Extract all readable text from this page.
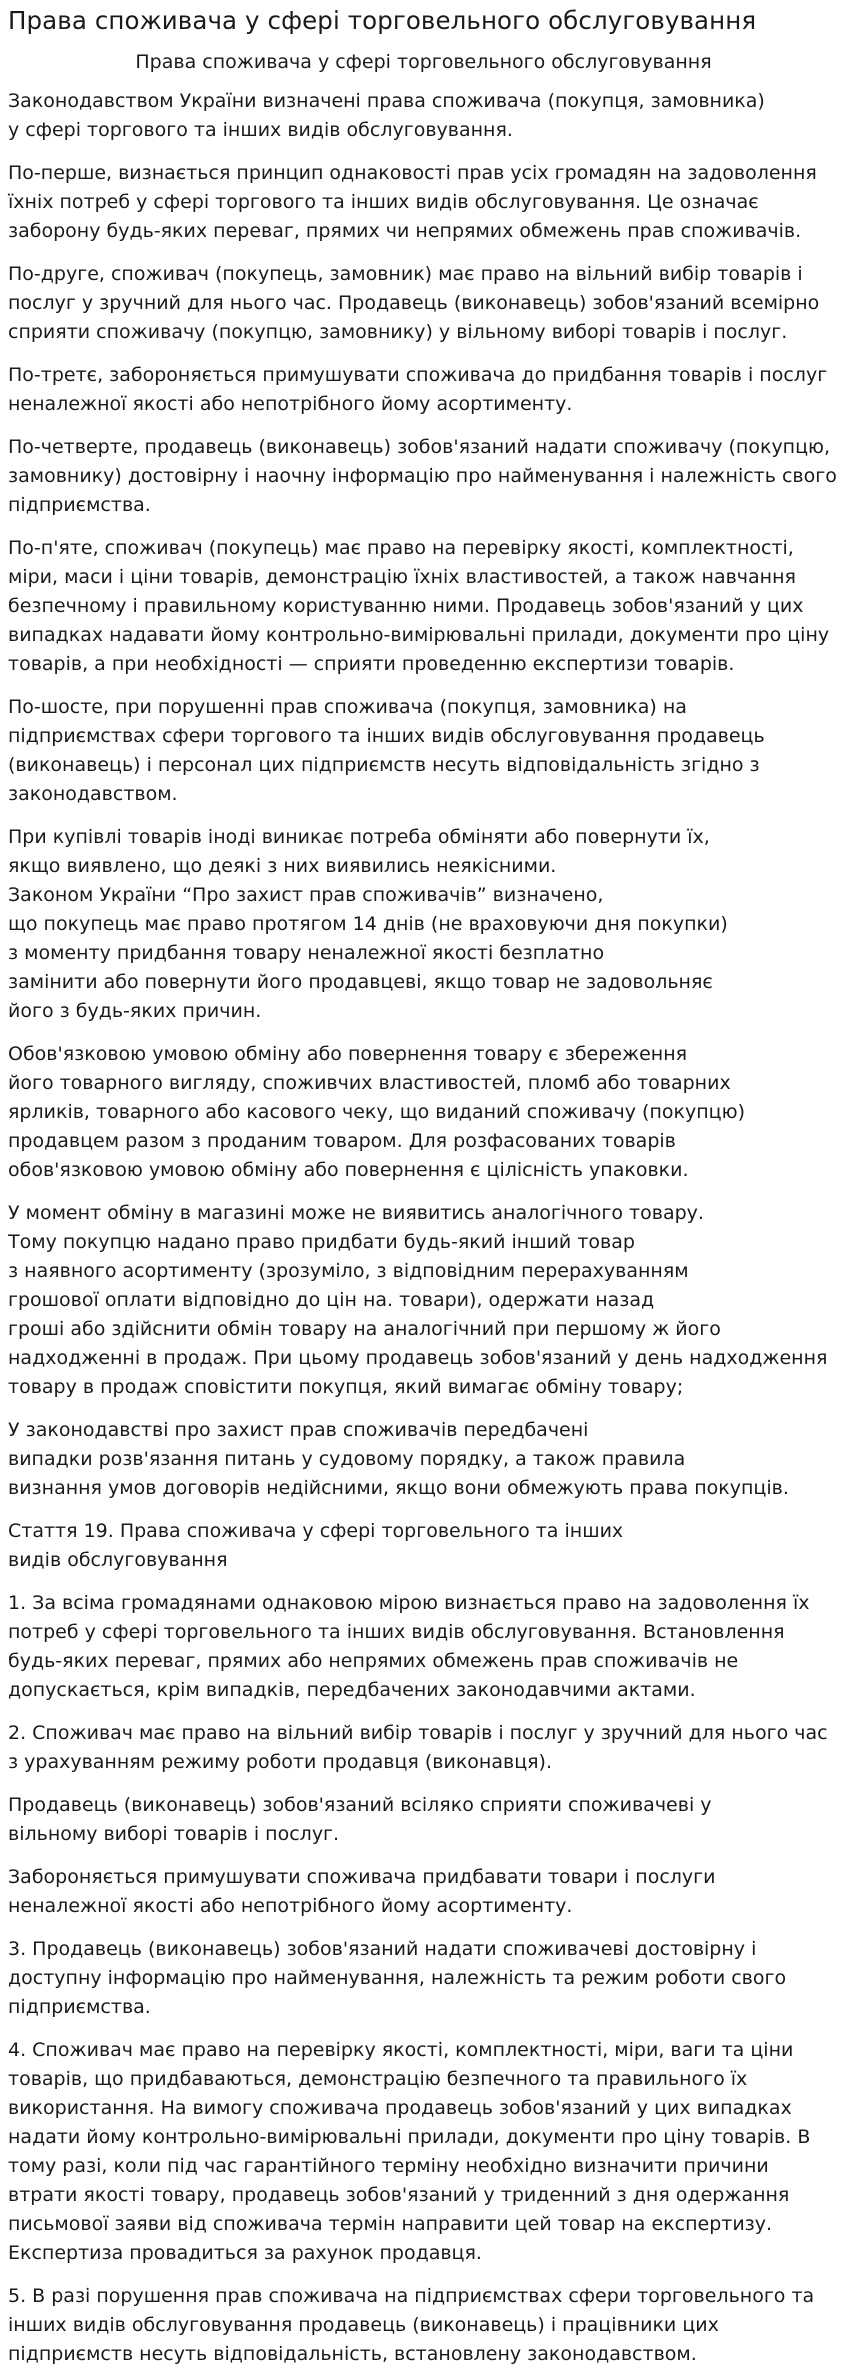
Права споживача у сфері торговельного обслуговування
Права споживача у сфері торговельного обслуговування

Законодавством України визначені права споживача (покупця, замовника)
у сфері торгового та інших видів обслуговування.

По-перше, визнається принцип однаковості прав усіх громадян на задоволення
їхніх потреб у сфері торгового та інших видів обслуговування. Це означає
заборону будь-яких переваг, прямих чи непрямих обмежень прав споживачів.

По-друге, споживач (покупець, замовник) має право на вільний вибір товарів і
послуг у зручний для нього час. Продавець (виконавець) зобов'язаний всемірно
сприяти споживачу (покупцю, замовнику) у вільному виборі товарів і послуг.

По-третє, забороняється примушувати споживача до придбання товарів і послуг
неналежної якості або непотрібного йому асортименту.

По-четверте, продавець (виконавець) зобов'язаний надати споживачу (покупцю,
замовнику) достовірну і наочну інформацію про найменування і належність свого
підприємства.

По-п'яте, споживач (покупець) має право на перевірку якості, комплектності,
міри, маси і ціни товарів, демонстрацію їхніх властивостей, а також навчання
безпечному і правильному користуванню ними. Продавець зобов'язаний у цих
випадках надавати йому контрольно-вимірювальні прилади, документи про ціну
товарів, а при необхідності — сприяти проведенню експертизи товарів.

По-шосте, при порушенні прав споживача (покупця, замовника) на
підприємствах сфери торгового та інших видів обслуговування продавець
(виконавець) і персонал цих підприємств несуть відповідальність згідно з
законодавством.

При купівлі товарів іноді виникає потреба обміняти або повернути їх,
якщо виявлено, що деякі з них виявились неякісними.
Законом України “Про захист прав споживачів” визначено,
що покупець має право протягом 14 днів (не враховуючи дня покупки)
з моменту придбання товару неналежної якості безплатно
замінити або повернути його продавцеві, якщо товар не задовольняє
його з будь-яких причин.

Обов'язковою умовою обміну або повернення товару є збереження
його товарного вигляду, споживчих властивостей, пломб або товарних
ярликів, товарного або касового чеку, що виданий споживачу (покупцю)
продавцем разом з проданим товаром. Для розфасованих товарів
обов'язковою умовою обміну або повернення є цілісність упаковки.

У момент обміну в магазині може не виявитись аналогічного товару.
Тому покупцю надано право придбати будь-який інший товар
з наявного асортименту (зрозуміло, з відповідним перерахуванням
грошової оплати відповідно до цін на. товари), одержати назад
гроші або здійснити обмін товару на аналогічний при першому ж його
надходженні в продаж. При цьому продавець зобов'язаний у день надходження
товару в продаж сповістити покупця, який вимагає обміну товару;

У законодавстві про захист прав споживачів передбачені
випадки розв'язання питань у судовому порядку, а також правила
визнання умов договорів недійсними, якщо вони обмежують права покупців.

Стаття 19. Права споживача у сфері торговельного та інших
видів обслуговування

1. За всіма громадянами однаковою мірою визнається право на задоволення їх
потреб у сфері торговельного та інших видів обслуговування. Встановлення
будь-яких переваг, прямих або непрямих обмежень прав споживачів не
допускається, крім випадків, передбачених законодавчими актами.

2. Споживач має право на вільний вибір товарів і послуг у зручний для нього час
з урахуванням режиму роботи продавця (виконавця).

Продавець (виконавець) зобов'язаний всіляко сприяти споживачеві у
вільному виборі товарів і послуг.

Забороняється примушувати споживача придбавати товари і послуги
неналежної якості або непотрібного йому асортименту.

3. Продавець (виконавець) зобов'язаний надати споживачеві достовірну і
доступну інформацію про найменування, належність та режим роботи свого
підприємства.

4. Споживач має право на перевірку якості, комплектності, міри, ваги та ціни
товарів, що придбаваються, демонстрацію безпечного та правильного їх
використання. На вимогу споживача продавець зобов'язаний у цих випадках
надати йому контрольно-вимірювальні прилади, документи про ціну товарів. В
тому разі, коли під час гарантійного терміну необхідно визначити причини
втрати якості товару, продавець зобов'язаний у триденний з дня одержання
письмової заяви від споживача термін направити цей товар на експертизу.
Експертиза провадиться за рахунок продавця.

5. В разі порушення прав споживача на підприємствах сфери торговельного та
інших видів обслуговування продавець (виконавець) і працівники цих
підприємств несуть відповідальність, встановлену законодавством.
